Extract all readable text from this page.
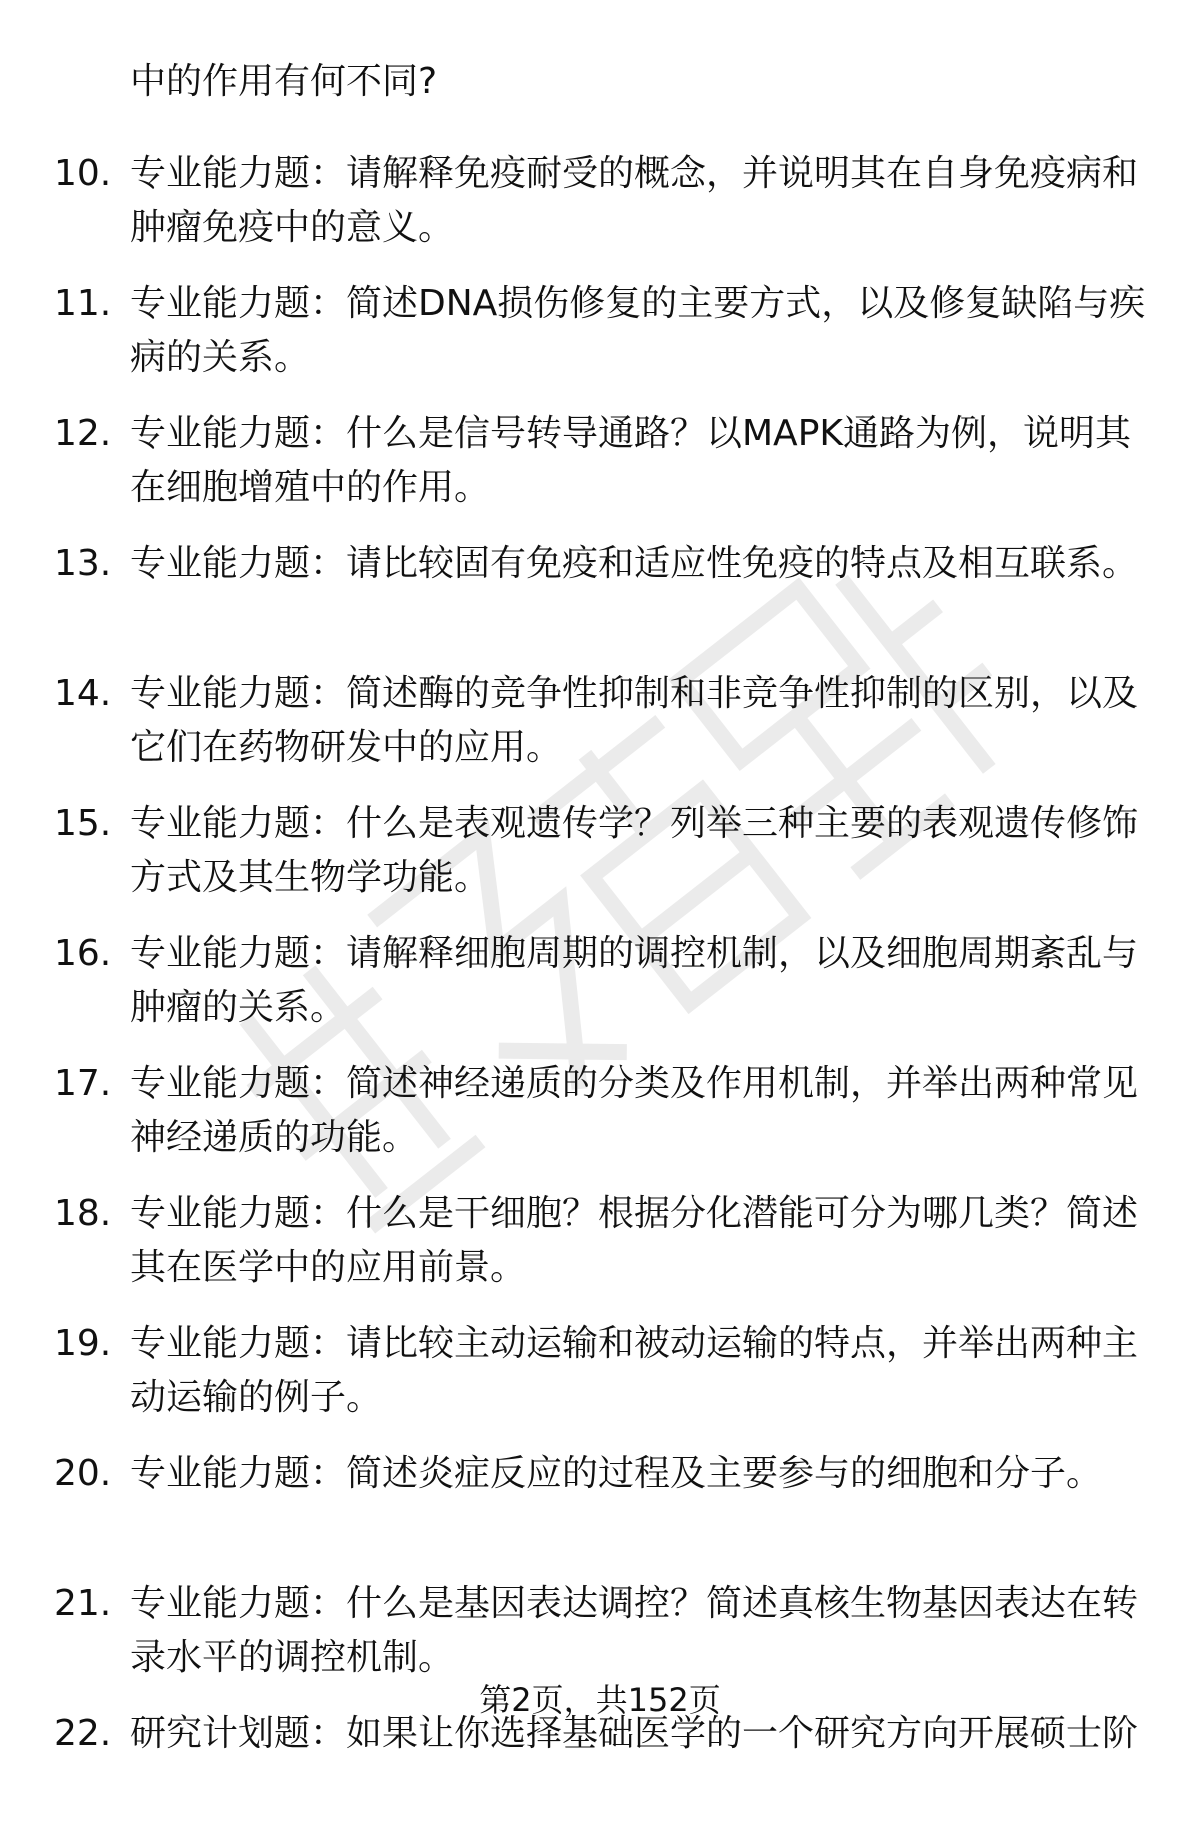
中的作用有何不同?
10. 专业能力题：请解释免疫耐受的概念，并说明其在自身免疫病和
肿瘤免疫中的意义。
11. 专业能力题：简述DNA损伤修复的主要方式，以及修复缺陷与疾
病的关系。
12. 专业能力题：什么是信号转导通路？以MAPK通路为例，说明其
在细胞增殖中的作用。
13. 专业能力题：请比较固有免疫和适应性免疫的特点及相互联系。
14. 专业能力题：简述酶的竞争性抑制和非竞争性抑制的区别，以及
它们在药物研发中的应用。
15. 专业能力题：什么是表观遗传学？列举三种主要的表观遗传修饰
方式及其生物学功能。
16. 专业能力题：请解释细胞周期的调控机制，以及细胞周期紊乱与
肿瘤的关系。
17. 专业能力题：简述神经递质的分类及作用机制，并举出两种常见
神经递质的功能。
18. 专业能力题：什么是干细胞？根据分化潜能可分为哪几类？简述
其在医学中的应用前景。
19. 专业能力题：请比较主动运输和被动运输的特点，并举出两种主
动运输的例子。
20. 专业能力题：简述炎症反应的过程及主要参与的细胞和分子。
21. 专业能力题：什么是基因表达调控？简述真核生物基因表达在转
录水平的调控机制。
22. 研究计划题：如果让你选择基础医学的一个研究方向开展硕士阶
第2页，共152页
